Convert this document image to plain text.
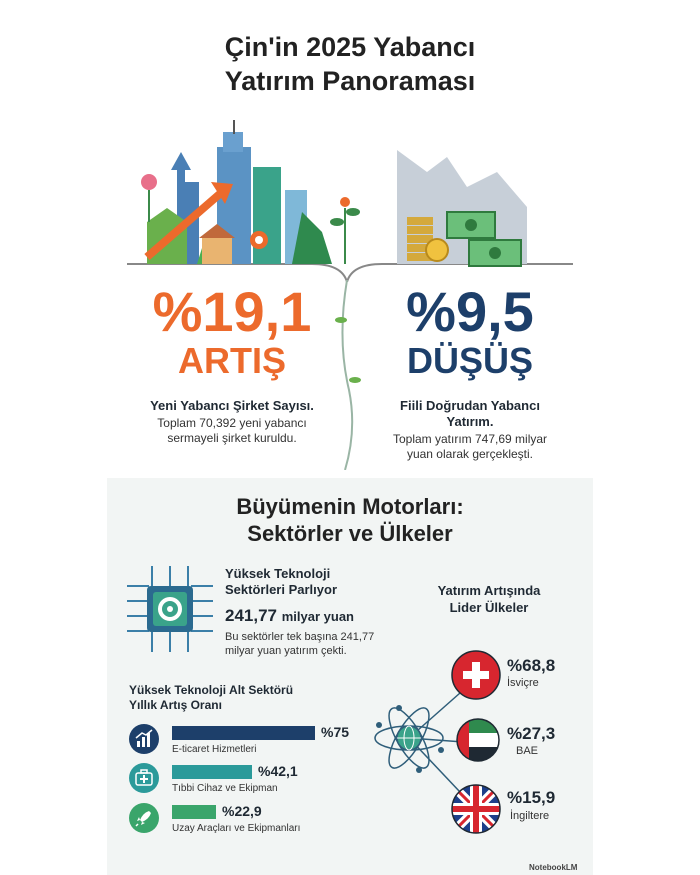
Çin'in 2025 Yabancı
Yatırım Panoraması
%19,1
ARTIŞ
Yeni Yabancı Şirket Sayısı.
Toplam 70,392 yeni yabancı
sermayeli şirket kuruldu.
%9,5
DÜŞÜŞ
Fiili Doğrudan Yabancı
Yatırım.
Toplam yatırım 747,69 milyar
yuan olarak gerçekleşti.
Büyümenin Motorları:
Sektörler ve Ülkeler
Yüksek Teknoloji
Sektörleri Parlıyor
241,77 milyar yuan
Bu sektörler tek başına 241,77
milyar yuan yatırım çekti.
Yüksek Teknoloji Alt Sektörü
Yıllık Artış Oranı
%75
E-ticaret Hizmetleri
%42,1
Tıbbi Cihaz ve Ekipman
%22,9
Uzay Araçları ve Ekipmanları
Yatırım Artışında
Lider Ülkeler
%68,8
İsviçre
%27,3
BAE
%15,9
İngiltere
NotebookLM
